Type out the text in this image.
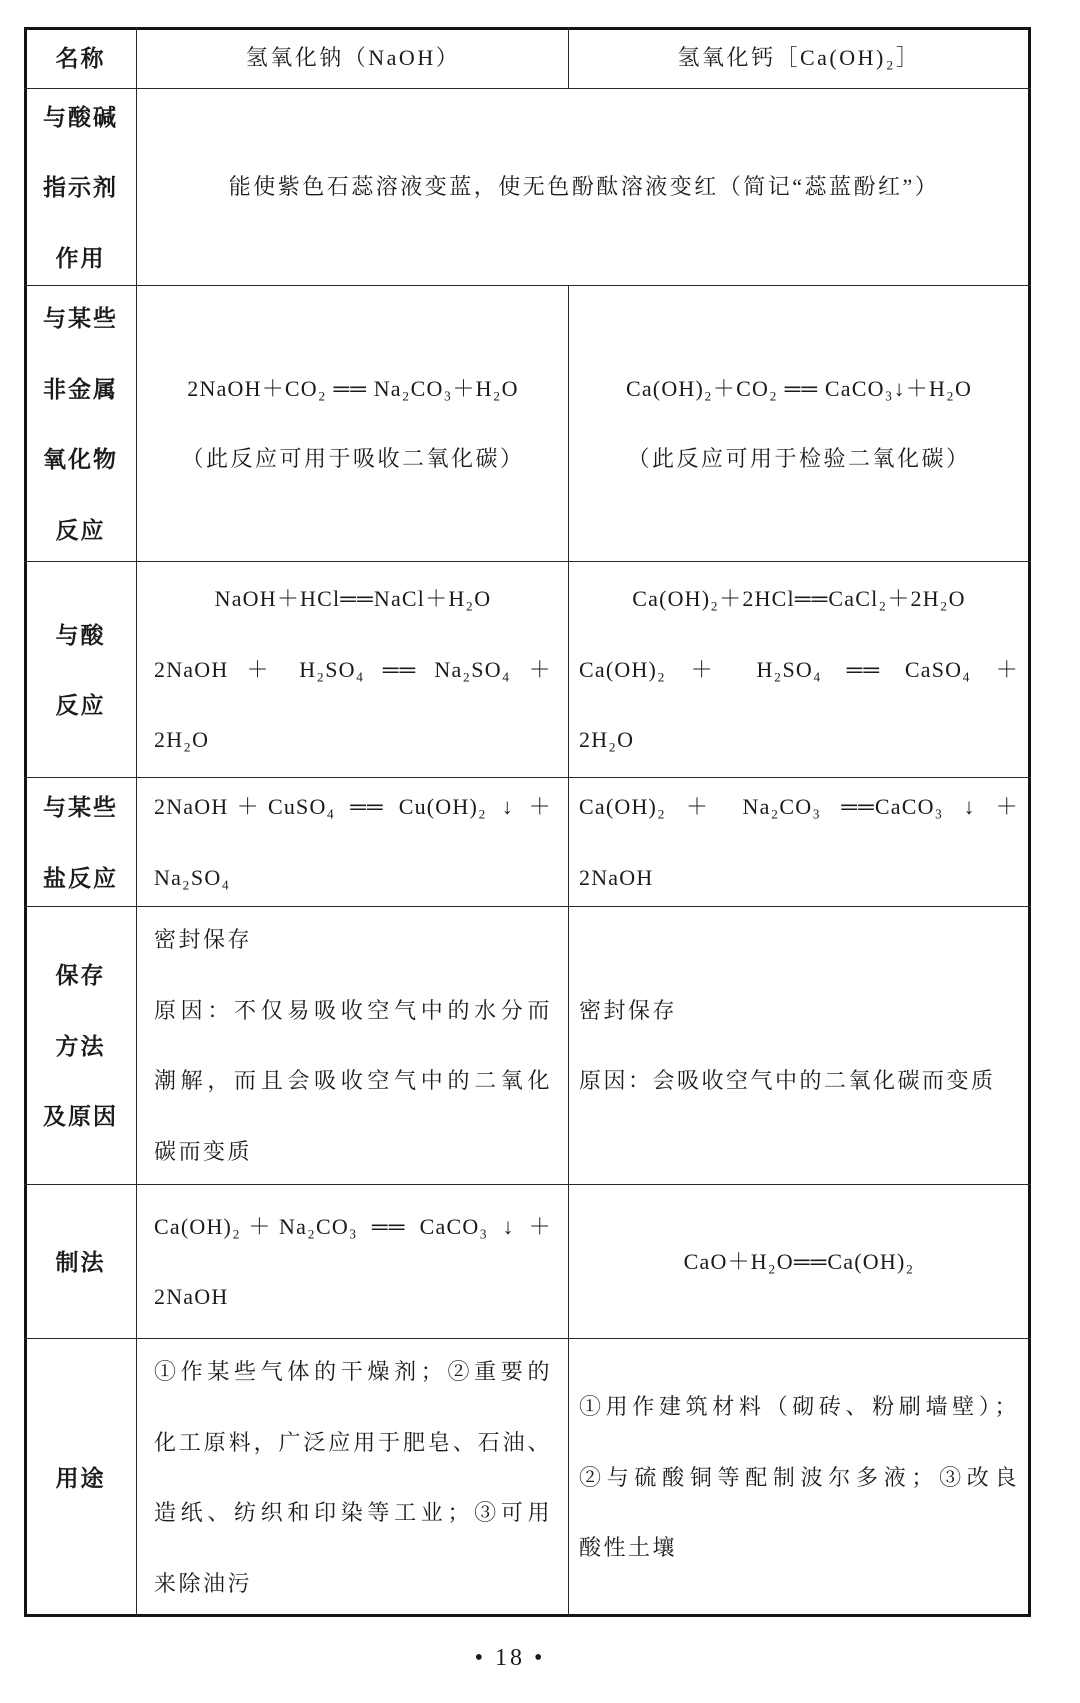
名称	氢氧化钠（NaOH）	氢氧化钙［Ca(OH)₂］
与酸碱
指示剂
作用
能使紫色石蕊溶液变蓝，使无色酚酞溶液变红（简记“蕊蓝酚红”）
与某些
非金属
氧化物
反应
2NaOH＋CO₂ ══ Na₂CO₃＋H₂O
（此反应可用于吸收二氧化碳）
Ca(OH)₂＋CO₂ ══ CaCO₃↓＋H₂O
（此反应可用于检验二氧化碳）
与酸
反应
NaOH＋HCl══NaCl＋H₂O
2NaOH ＋ H₂SO₄ ══ Na₂SO₄ ＋
2H₂O
Ca(OH)₂＋2HCl══CaCl₂＋2H₂O
Ca(OH)₂ ＋ H₂SO₄ ══ CaSO₄ ＋
2H₂O
与某些
盐反应
2NaOH＋CuSO₄ ══ Cu(OH)₂ ↓ ＋
Na₂SO₄
Ca(OH)₂ ＋ Na₂CO₃ ══CaCO₃ ↓ ＋
2NaOH
保存
方法
及原因
密封保存
原因：不仅易吸收空气中的水分而
潮解，而且会吸收空气中的二氧化
碳而变质
密封保存
原因：会吸收空气中的二氧化碳而变质
制法
Ca(OH)₂＋Na₂CO₃ ══ CaCO₃ ↓ ＋
2NaOH
CaO＋H₂O══Ca(OH)₂
用途
①作某些气体的干燥剂；②重要的
化工原料，广泛应用于肥皂、石油、
造纸、纺织和印染等工业；③可用
来除油污
①用作建筑材料（砌砖、粉刷墙壁）；
②与硫酸铜等配制波尔多液；③改良
酸性土壤
• 18 •
